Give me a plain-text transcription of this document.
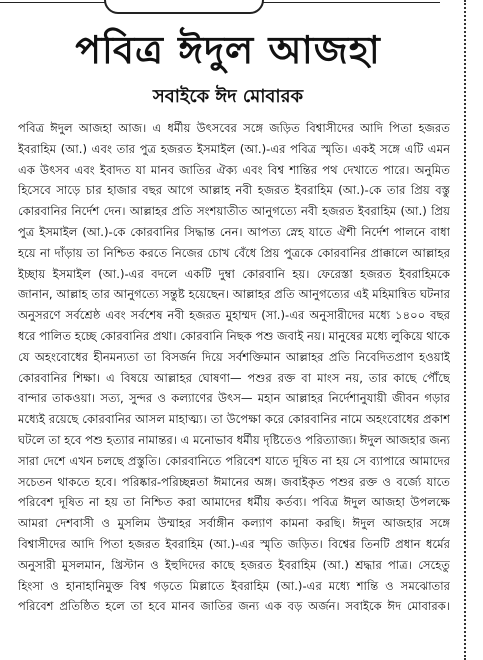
পবিত্র ঈদুল আজহা
সবাইকে ঈদ মোবারক

পবিত্র ঈদুল আজহা আজ। এ ধর্মীয় উৎসবের সঙ্গে জড়িত বিশ্বাসীদের আদি পিতা হজরত ইবরাহিম (আ.) এবং তার পুত্র হজরত ইসমাইল (আ.)-এর পবিত্র স্মৃতি। একই সঙ্গে এটি এমন এক উৎসব এবং ইবাদত যা মানব জাতির ঐক্য এবং বিশ্ব শান্তির পথ দেখাতে পারে। অনুমিত হিসেবে সাড়ে চার হাজার বছর আগে আল্লাহ নবী হজরত ইবরাহিম (আ.)-কে তার প্রিয় বস্তু কোরবানির নির্দেশ দেন। আল্লাহর প্রতি সংশয়াতীত আনুগত্যে নবী হজরত ইবরাহিম (আ.) প্রিয় পুত্র ইসমাইল (আ.)-কে কোরবানির সিদ্ধান্ত নেন। আপত্য স্নেহ যাতে ঐশী নির্দেশ পালনে বাধা হয়ে না দাঁড়ায় তা নিশ্চিত করতে নিজের চোখ বেঁধে প্রিয় পুত্রকে কোরবানির প্রাক্কালে আল্লাহর ইচ্ছায় ইসমাইল (আ.)-এর বদলে একটি দুম্বা কোরবানি হয়। ফেরেস্তা হজরত ইবরাহিমকে জানান, আল্লাহ তার আনুগত্যে সন্তুষ্ট হয়েছেন। আল্লাহর প্রতি আনুগত্যের এই মহিমান্বিত ঘটনার অনুসরণে সর্বশ্রেষ্ঠ এবং সর্বশেষ নবী হজরত মুহাম্মদ (সা.)-এর অনুসারীদের মধ্যে ১৪০০ বছর ধরে পালিত হচ্ছে কোরবানির প্রথা। কোরবানি নিছক পশু জবাই নয়। মানুষের মধ্যে লুকিয়ে থাকে যে অহংবোধের হীনমন্যতা তা বিসর্জন দিয়ে সর্বশক্তিমান আল্লাহর প্রতি নিবেদিতপ্রাণ হওয়াই কোরবানির শিক্ষা। এ বিষয়ে আল্লাহর ঘোষণা— পশুর রক্ত বা মাংস নয়, তার কাছে পৌঁছে বান্দার তাকওয়া। সত্য, সুন্দর ও কল্যাণের উৎস— মহান আল্লাহর নির্দেশানুযায়ী জীবন গড়ার মধ্যেই রয়েছে কোরবানির আসল মাহাত্ম্য। তা উপেক্ষা করে কোরবানির নামে অহংবোধের প্রকাশ ঘটলে তা হবে পশু হত্যার নামান্তর। এ মনোভাব ধর্মীয় দৃষ্টিতেও পরিত্যাজ্য। ঈদুল আজহার জন্য সারা দেশে এখন চলছে প্রস্তুতি। কোরবানিতে পরিবেশ যাতে দূষিত না হয় সে ব্যাপারে আমাদের সচেতন থাকতে হবে। পরিষ্কার-পরিচ্ছন্নতা ঈমানের অঙ্গ। জবাইকৃত পশুর রক্ত ও বর্জ্যে যাতে পরিবেশ দূষিত না হয় তা নিশ্চিত করা আমাদের ধর্মীয় কর্তব্য। পবিত্র ঈদুল আজহা উপলক্ষে আমরা দেশবাসী ও মুসলিম উম্মাহর সর্বাঙ্গীন কল্যাণ কামনা করছি। ঈদুল আজহার সঙ্গে বিশ্বাসীদের আদি পিতা হজরত ইবরাহিম (আ.)-এর স্মৃতি জড়িত। বিশ্বের তিনটি প্রধান ধর্মের অনুসারী মুসলমান, খ্রিস্টান ও ইহুদিদের কাছে হজরত ইবরাহিম (আ.) শ্রদ্ধার পাত্র। সেহেতু হিংসা ও হানাহানিমুক্ত বিশ্ব গড়তে মিল্লাতে ইবরাহিম (আ.)-এর মধ্যে শান্তি ও সমঝোতার পরিবেশ প্রতিষ্ঠিত হলে তা হবে মানব জাতির জন্য এক বড় অর্জন। সবাইকে ঈদ মোবারক।
